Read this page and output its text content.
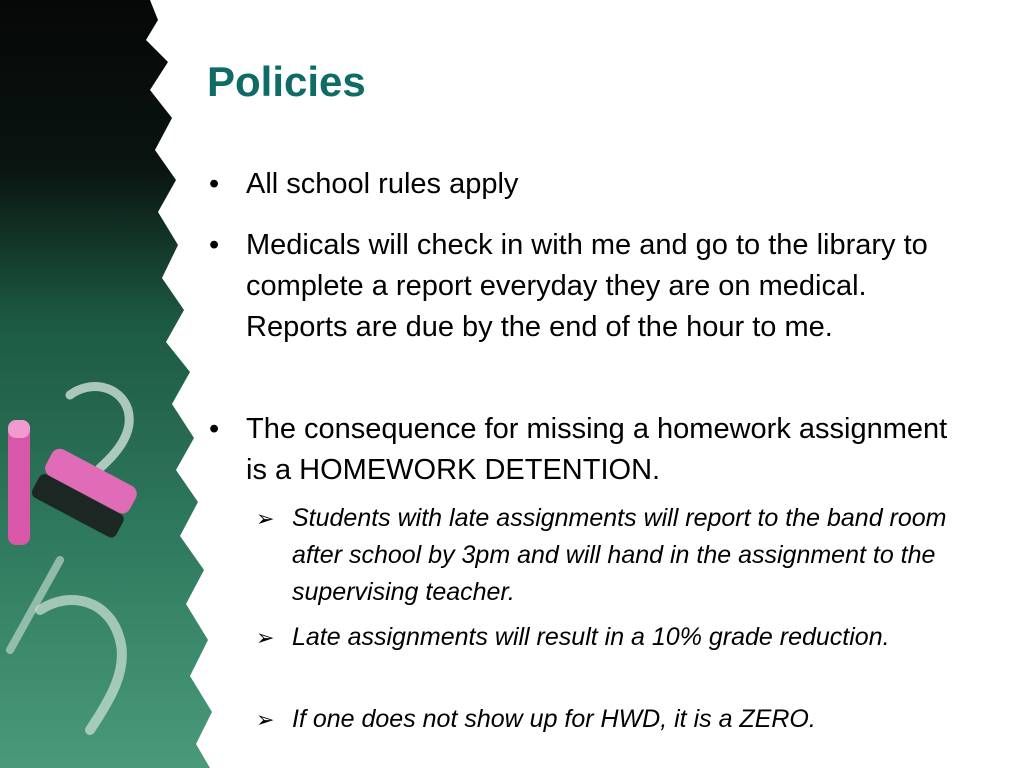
Policies
• All school rules apply
• Medicals will check in with me and go to the library to complete a report everyday they are on medical. Reports are due by the end of the hour to me.
• The consequence for missing a homework assignment is a HOMEWORK DETENTION.
➢ Students with late assignments will report to the band room after school by 3pm and will hand in the assignment to the supervising teacher.
➢ Late assignments will result in a 10% grade reduction.
➢ If one does not show up for HWD, it is a ZERO.
